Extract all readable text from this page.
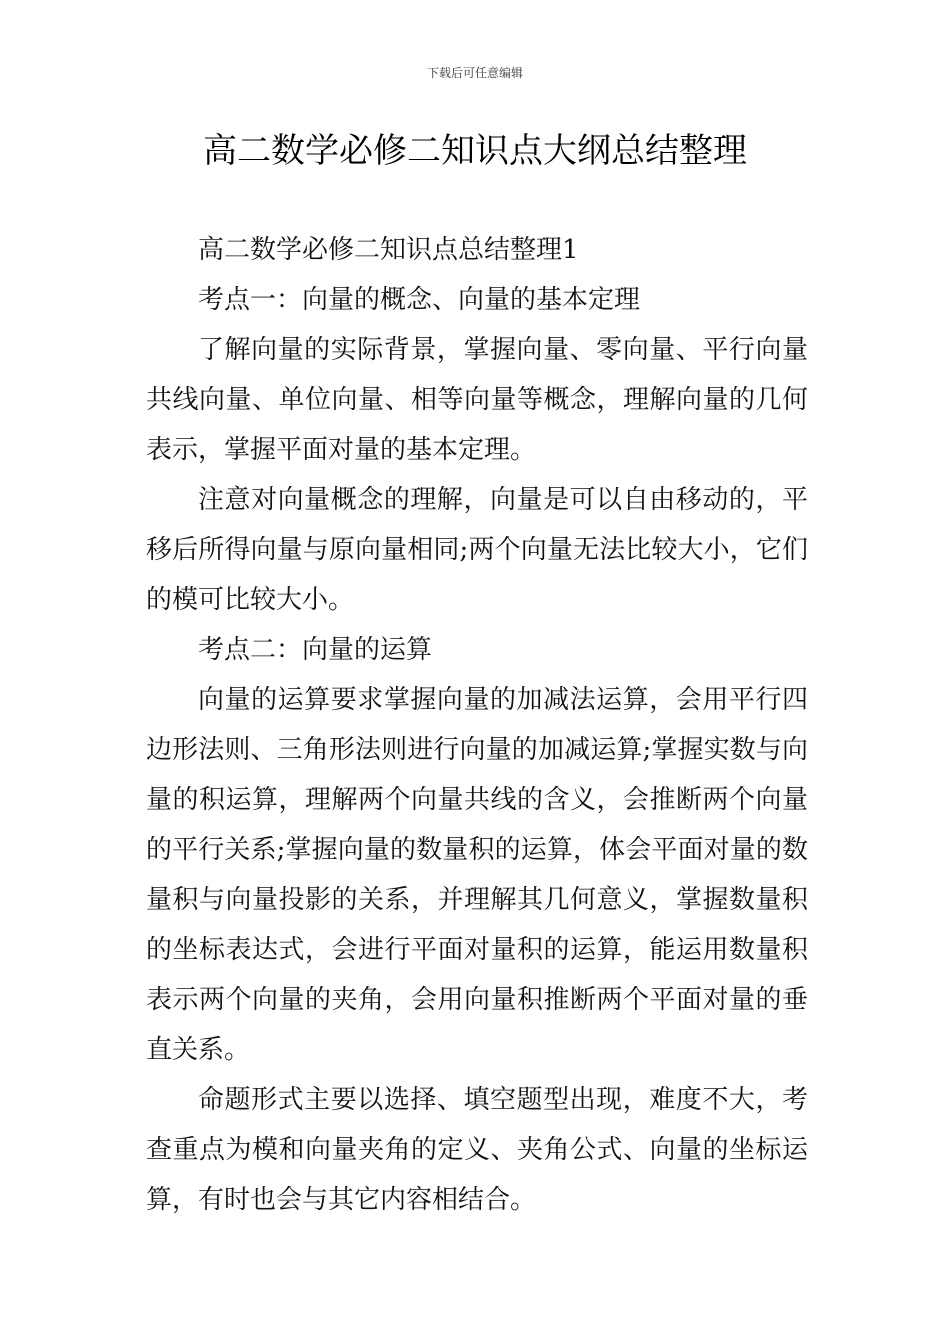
下载后可任意编辑
高二数学必修二知识点大纲总结整理

高二数学必修二知识点总结整理1

考点一：向量的概念、向量的基本定理

了解向量的实际背景，掌握向量、零向量、平行向量共线向量、单位向量、相等向量等概念，理解向量的几何表示，掌握平面对量的基本定理。

注意对向量概念的理解，向量是可以自由移动的，平移后所得向量与原向量相同;两个向量无法比较大小，它们的模可比较大小。

考点二：向量的运算

向量的运算要求掌握向量的加减法运算，会用平行四边形法则、三角形法则进行向量的加减运算;掌握实数与向量的积运算，理解两个向量共线的含义，会推断两个向量的平行关系;掌握向量的数量积的运算，体会平面对量的数量积与向量投影的关系，并理解其几何意义，掌握数量积的坐标表达式，会进行平面对量积的运算，能运用数量积表示两个向量的夹角，会用向量积推断两个平面对量的垂直关系。

命题形式主要以选择、填空题型出现，难度不大，考查重点为模和向量夹角的定义、夹角公式、向量的坐标运算，有时也会与其它内容相结合。
